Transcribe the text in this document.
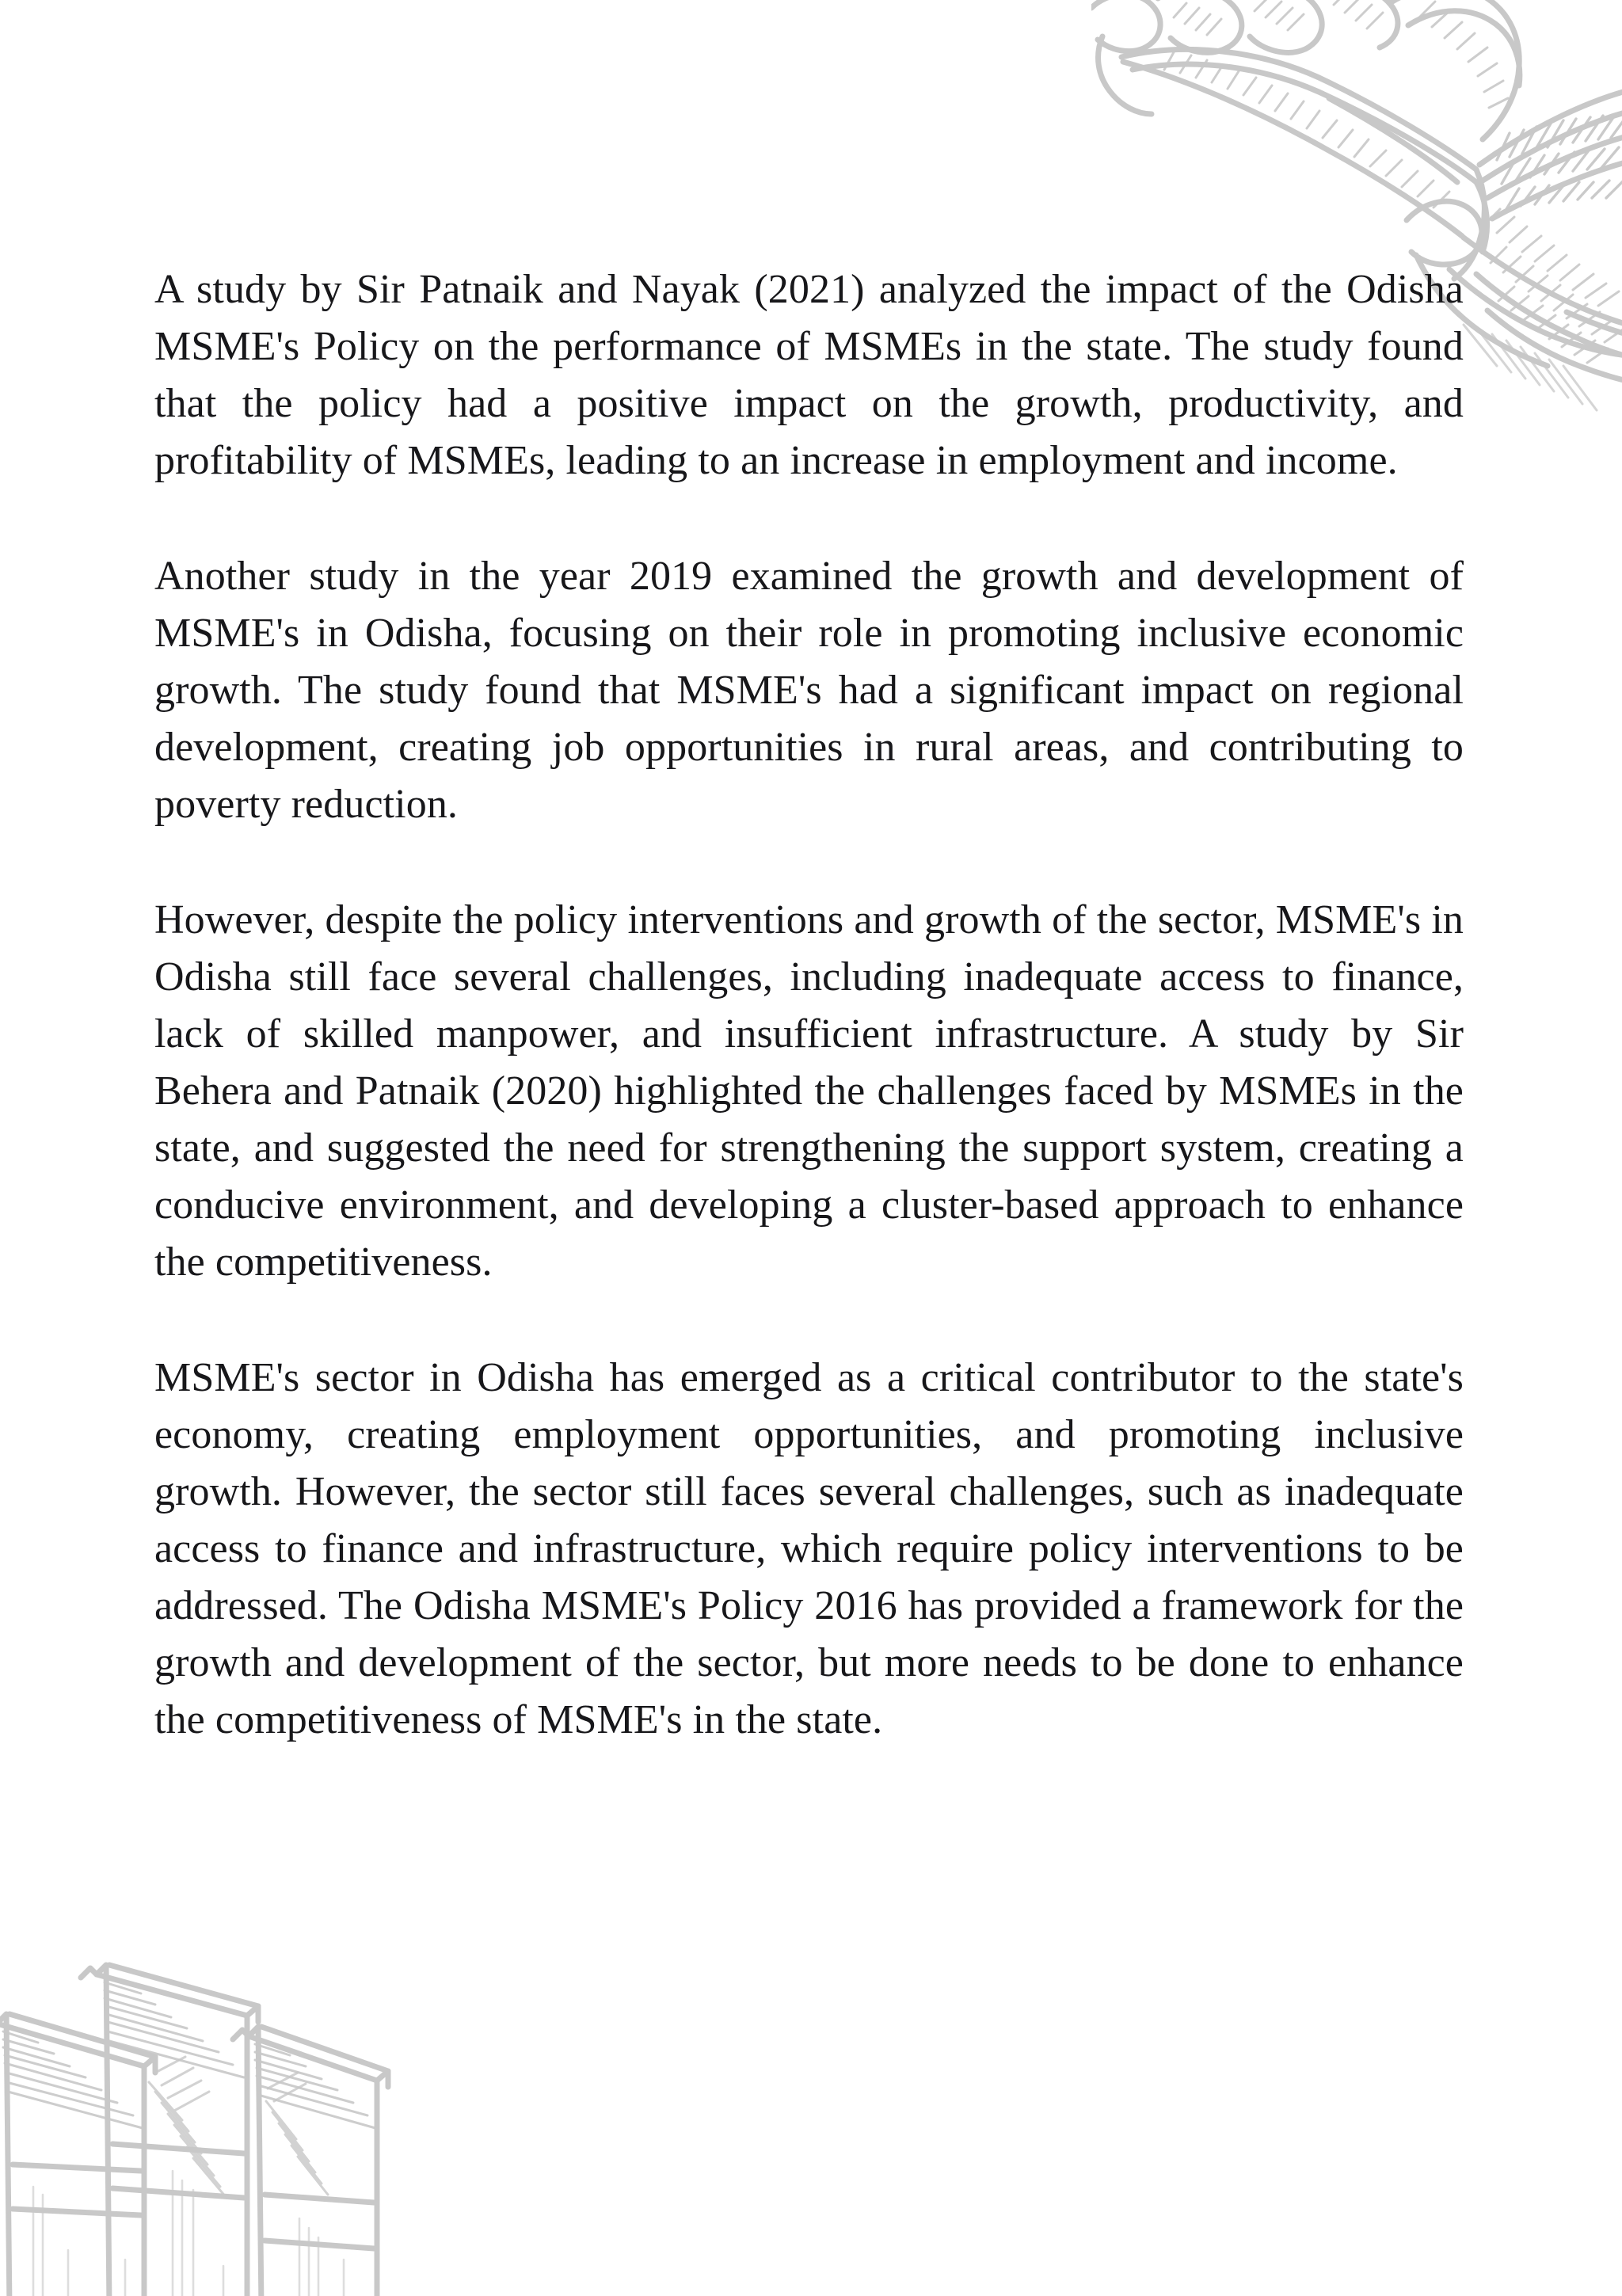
A study by Sir Patnaik and Nayak (2021) analyzed the impact of the Odisha MSME's Policy on the performance of MSMEs in the state. The study found that the policy had a positive impact on the growth, productivity, and profitability of MSMEs, leading to an increase in employment and income.

Another study in the year 2019 examined the growth and development of MSME's in Odisha, focusing on their role in promoting inclusive economic growth. The study found that MSME's had a significant impact on regional development, creating job opportunities in rural areas, and contributing to poverty reduction.

However, despite the policy interventions and growth of the sector, MSME's in Odisha still face several challenges, including inadequate access to finance, lack of skilled manpower, and insufficient infrastructure. A study by Sir Behera and Patnaik (2020) highlighted the challenges faced by MSMEs in the state, and suggested the need for strengthening the support system, creating a conducive environment, and developing a cluster-based approach to enhance the competitiveness.

MSME's sector in Odisha has emerged as a critical contributor to the state's economy, creating employment opportunities, and promoting inclusive growth. However, the sector still faces several challenges, such as inadequate access to finance and infrastructure, which require policy interventions to be addressed. The Odisha MSME's Policy 2016 has provided a framework for the growth and development of the sector, but more needs to be done to enhance the competitiveness of MSME's in the state.
